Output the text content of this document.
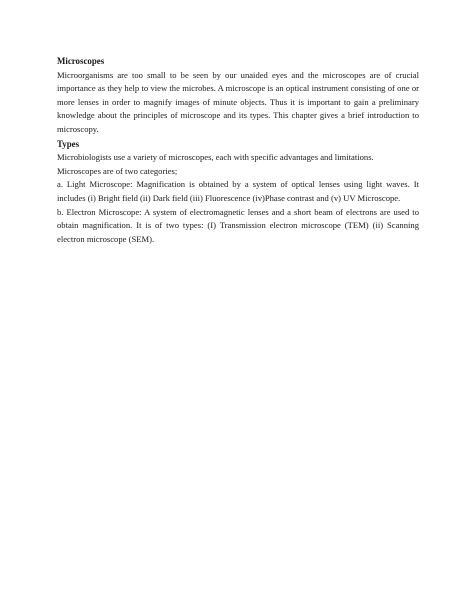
Microscopes

Microorganisms are too small to be seen by our unaided eyes and the microscopes are of crucial importance as they help to view the microbes. A microscope is an optical instrument consisting of one or more lenses in order to magnify images of minute objects. Thus it is important to gain a preliminary knowledge about the principles of microscope and its types. This chapter gives a brief introduction to microscopy.

Types

Microbiologists use a variety of microscopes, each with specific advantages and limitations.

Microscopes are of two categories;

a. Light Microscope: Magnification is obtained by a system of optical lenses using light waves. It includes (i) Bright field (ii) Dark field (iii) Fluorescence (iv)Phase contrast and (v) UV Microscope.

b. Electron Microscope: A system of electromagnetic lenses and a short beam of electrons are used to obtain magnification. It is of two types: (I) Transmission electron microscope (TEM) (ii) Scanning electron microscope (SEM).
